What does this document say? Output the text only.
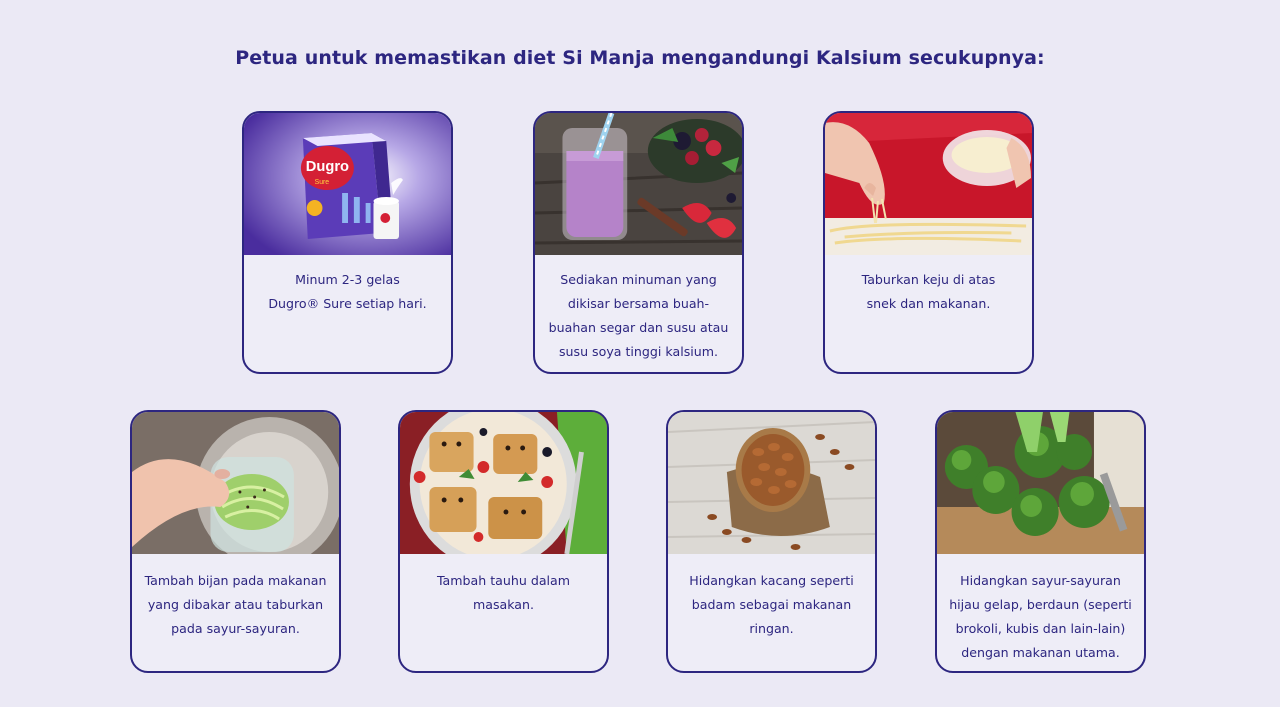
Petua untuk memastikan diet Si Manja mengandungi Kalsium secukupnya:
Dugro
Sure
Minum 2-3 gelas
Dugro® Sure setiap hari.
Sediakan minuman yang dikisar bersama buah-buahan segar dan susu atau susu soya tinggi kalsium.
Taburkan keju di atas
snek dan makanan.
Tambah bijan pada makanan yang dibakar atau taburkan pada sayur-sayuran.
Tambah tauhu dalam
masakan.
Hidangkan kacang seperti badam sebagai makanan ringan.
Hidangkan sayur-sayuran hijau gelap, berdaun (seperti brokoli, kubis dan lain-lain) dengan makanan utama.
